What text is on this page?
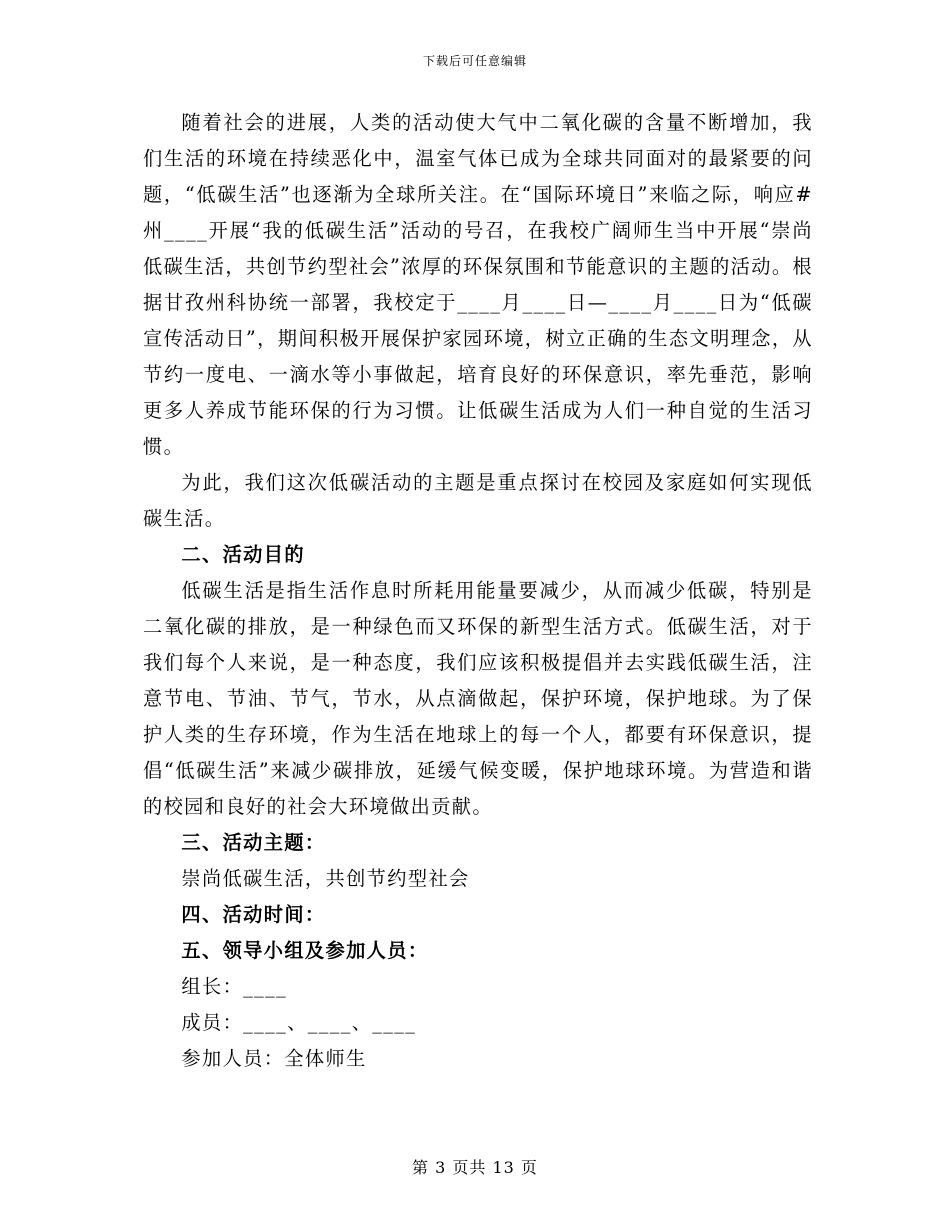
下载后可任意编辑

随着社会的进展，人类的活动使大气中二氧化碳的含量不断增加，我们生活的环境在持续恶化中，温室气体已成为全球共同面对的最紧要的问题，“低碳生活”也逐渐为全球所关注。在“国际环境日”来临之际，响应#州____开展“我的低碳生活”活动的号召，在我校广阔师生当中开展“崇尚低碳生活，共创节约型社会”浓厚的环保氛围和节能意识的主题的活动。根据甘孜州科协统一部署，我校定于____月____日—____月____日为“低碳宣传活动日”，期间积极开展保护家园环境，树立正确的生态文明理念，从节约一度电、一滴水等小事做起，培育良好的环保意识，率先垂范，影响更多人养成节能环保的行为习惯。让低碳生活成为人们一种自觉的生活习惯。

为此，我们这次低碳活动的主题是重点探讨在校园及家庭如何实现低碳生活。

二、活动目的

低碳生活是指生活作息时所耗用能量要减少，从而减少低碳，特别是二氧化碳的排放，是一种绿色而又环保的新型生活方式。低碳生活，对于我们每个人来说，是一种态度，我们应该积极提倡并去实践低碳生活，注意节电、节油、节气，节水，从点滴做起，保护环境，保护地球。为了保护人类的生存环境，作为生活在地球上的每一个人，都要有环保意识，提倡“低碳生活”来减少碳排放，延缓气候变暖，保护地球环境。为营造和谐的校园和良好的社会大环境做出贡献。

三、活动主题：

崇尚低碳生活，共创节约型社会

四、活动时间：

五、领导小组及参加人员：

组长：____

成员：____、____、____

参加人员：全体师生

第 3 页共 13 页
